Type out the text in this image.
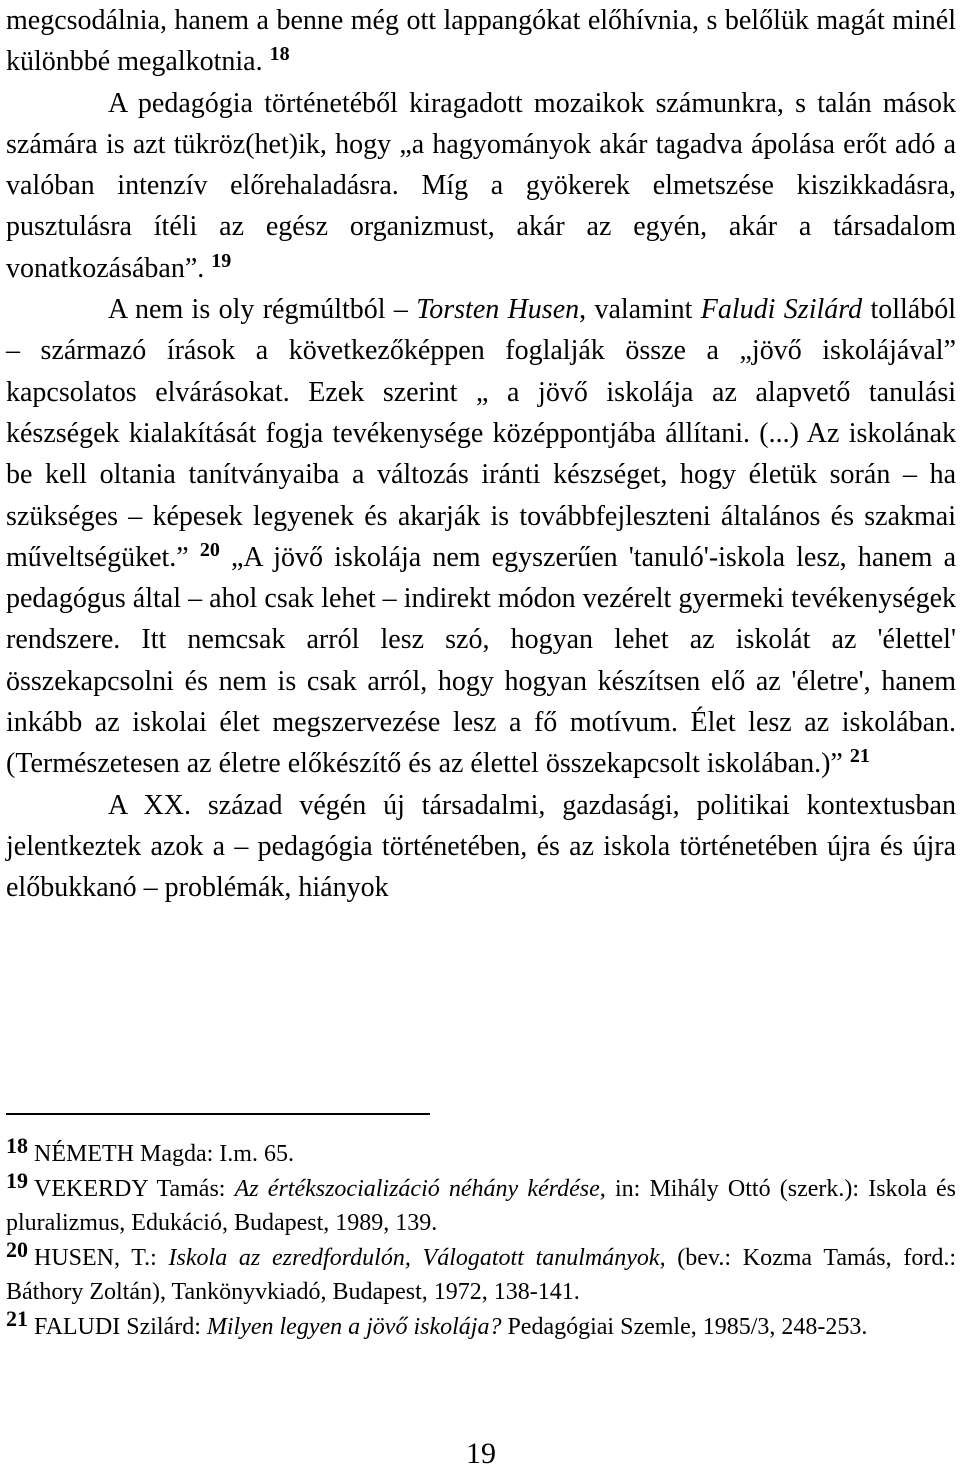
megcsodálnia, hanem a benne még ott lappangókat előhívnia, s belőlük magát minél különbbé megalkotnia. $^{18}$

A pedagógia történetéből kiragadott mozaikok számunkra, s talán mások számára is azt tükröz(het)ik, hogy „a hagyományok akár tagadva ápolása erőt adó a valóban intenzív előrehaladásra. Míg a gyökerek elmetszése kiszikkadásra, pusztulásra ítéli az egész organizmust, akár az egyén, akár a társadalom vonatkozásában”. $^{19}$

A nem is oly régmúltból – Torsten Husen, valamint Faludi Szilárd tollából – származó írások a következőképpen foglalják össze a „jövő iskolájával” kapcsolatos elvárásokat. Ezek szerint „ a jövő iskolája az alapvető tanulási készségek kialakítását fogja tevékenysége középpontjába állítani. (...) Az iskolának be kell oltania tanítványaiba a változás iránti készséget, hogy életük során – ha szükséges – képesek legyenek és akarják is továbbfejleszteni általános és szakmai műveltségüket.” $^{20}$ „A jövő iskolája nem egyszerűen 'tanuló'-iskola lesz, hanem a pedagógus által – ahol csak lehet – indirekt módon vezérelt gyermeki tevékenységek rendszere. Itt nemcsak arról lesz szó, hogyan lehet az iskolát az 'élettel' összekapcsolni és nem is csak arról, hogy hogyan készítsen elő az 'életre', hanem inkább az iskolai élet megszervezése lesz a fő motívum. Élet lesz az iskolában. (Természetesen az életre előkészítő és az élettel összekapcsolt iskolában.)” $^{21}$

A XX. század végén új társadalmi, gazdasági, politikai kontextusban jelentkeztek azok a – pedagógia történetében, és az iskola történetében újra és újra előbukkanó – problémák, hiányok

18 NÉMETH Magda: I.m. 65.

19 VEKERDY Tamás: Az értékszocializáció néhány kérdése, in: Mihály Ottó (szerk.): Iskola és pluralizmus, Edukáció, Budapest, 1989, 139.

20 HUSEN, T.: Iskola az ezredfordulón, Válogatott tanulmányok, (bev.: Kozma Tamás, ford.: Báthory Zoltán), Tankönyvkiadó, Budapest, 1972, 138-141.

21 FALUDI Szilárd: Milyen legyen a jövő iskolája? Pedagógiai Szemle, 1985/3, 248-253.

19
